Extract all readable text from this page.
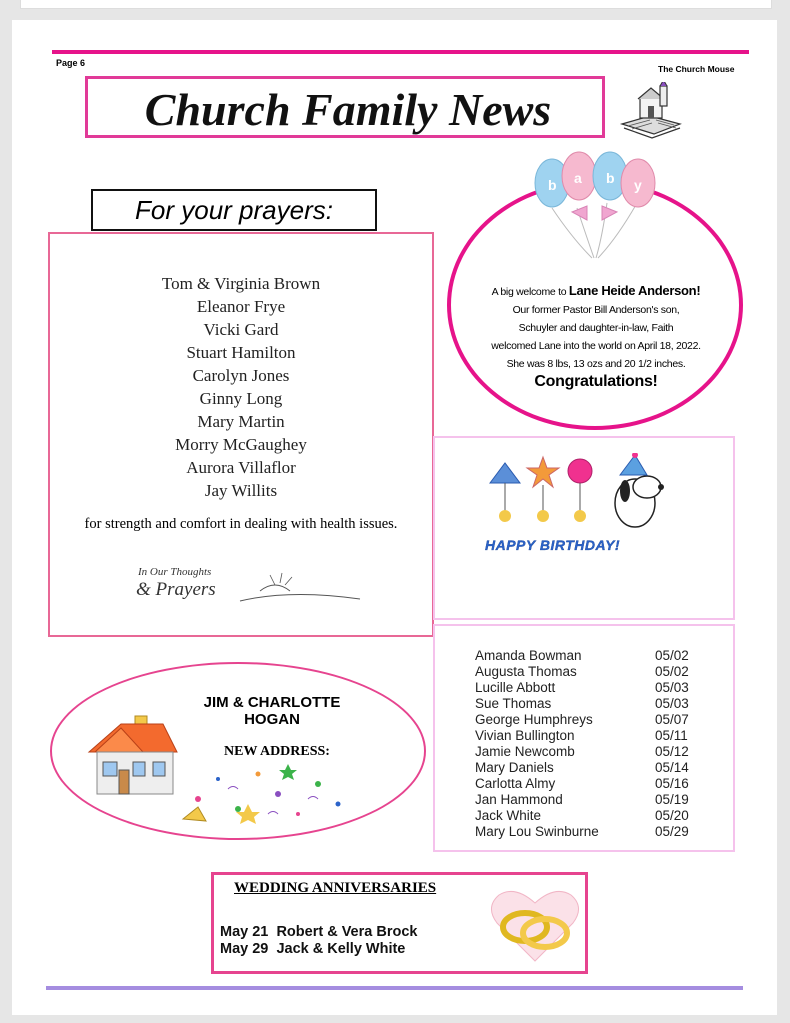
Page 6
The Church Mouse
Church Family News
For your prayers:
Tom & Virginia Brown
Eleanor Frye
Vicki Gard
Stuart Hamilton
Carolyn Jones
Ginny Long
Mary Martin
Morry McGaughey
Aurora Villaflor
Jay Willits
for strength and comfort in dealing with health issues.
In Our Thoughts
& Prayers
A big welcome to Lane Heide Anderson!
Our former Pastor Bill Anderson's son,
Schuyler and daughter-in-law, Faith
welcomed Lane into the world on April 18, 2022.
She was 8 lbs, 13 ozs and 20 1/2 inches.
Congratulations!
b a b y
HAPPY BIRTHDAY!
Amanda Bowman	05/02
Augusta Thomas	05/02
Lucille Abbott	05/03
Sue Thomas	05/03
George Humphreys	05/07
Vivian Bullington	05/11
Jamie Newcomb	05/12
Mary Daniels	05/14
Carlotta Almy	05/16
Jan Hammond	05/19
Jack White	05/20
Mary Lou Swinburne	05/29
JIM & CHARLOTTE
HOGAN
NEW ADDRESS:
WEDDING ANNIVERSARIES
May 21 Robert & Vera Brock
May 29 Jack & Kelly White
